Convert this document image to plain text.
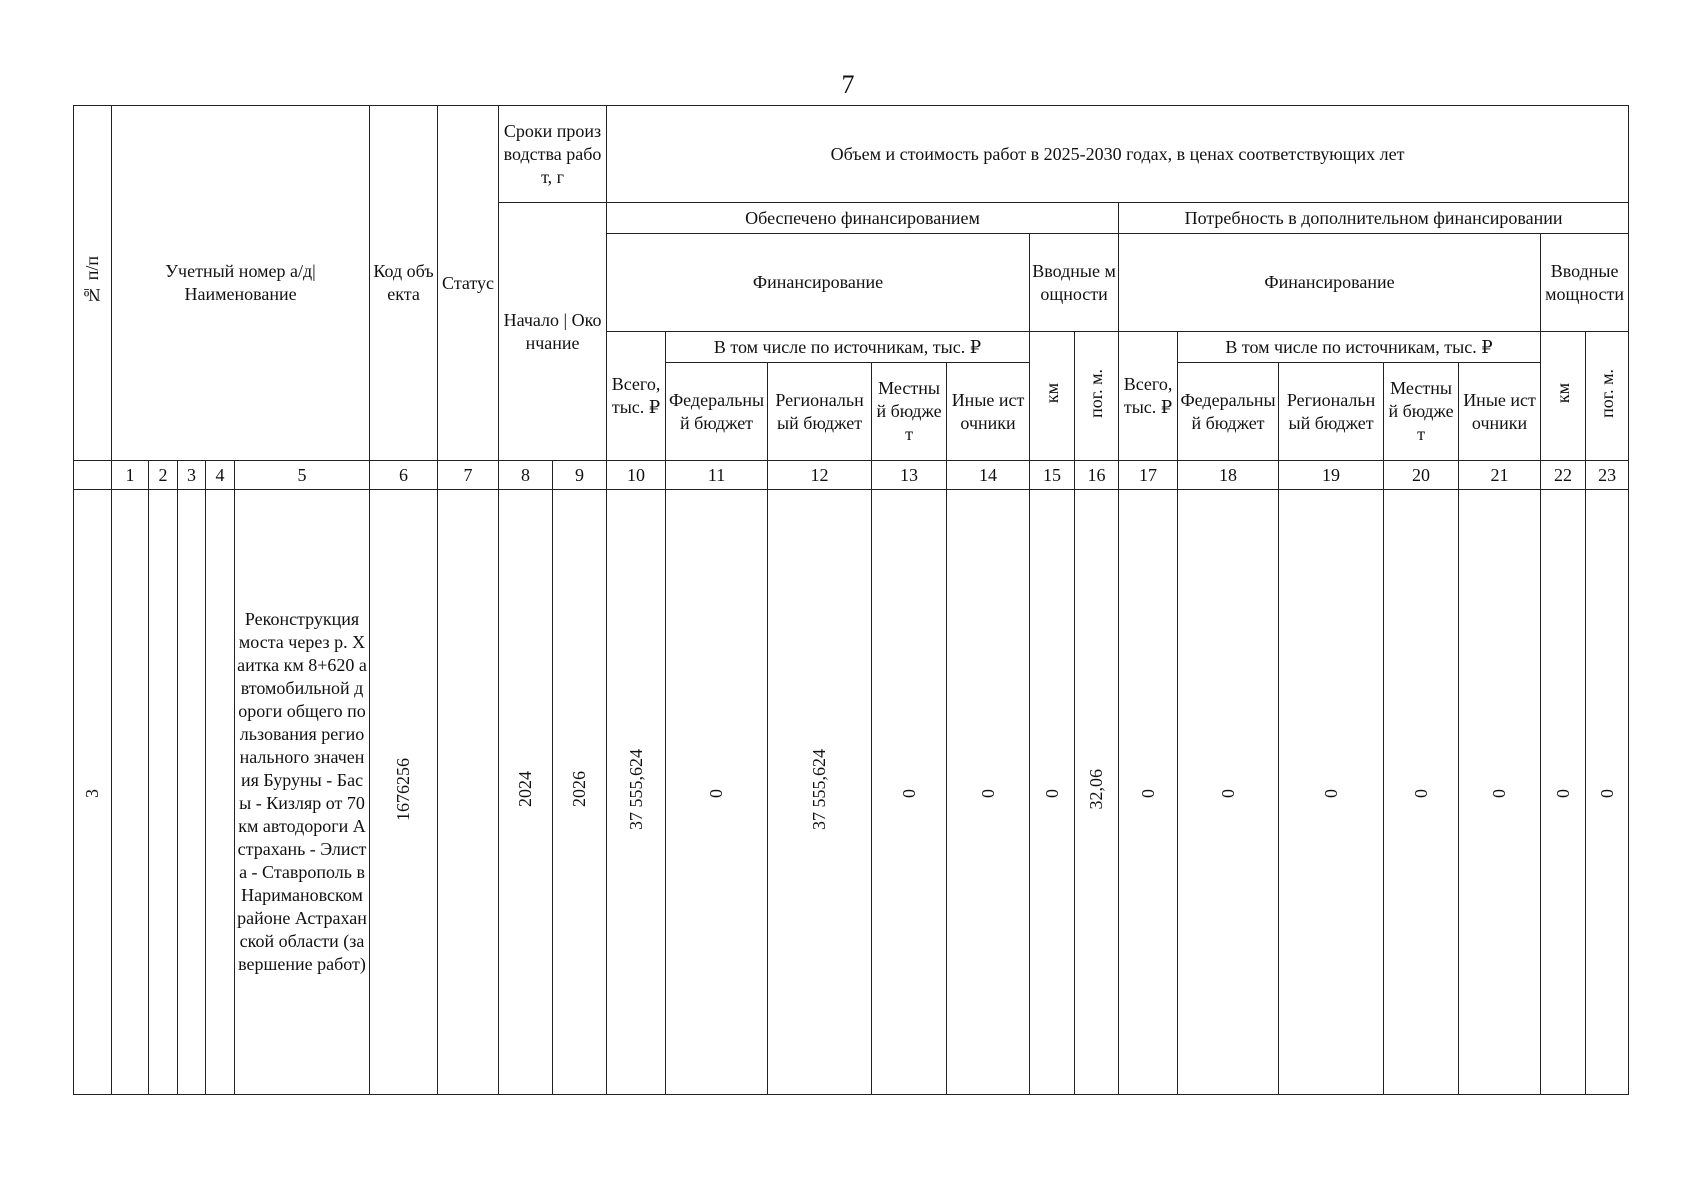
7
№ п/п	Учетный номер а/д| Наименование					Код объекта	Статус	Сроки производства работ, г		Объем и стоимость работ в 2025-2030 годах, в ценах соответствующих лет													
								Начало | Окончание		Обеспечено финансированием							Потребность в дополнительном финансировании						
										Финансирование					Вводные мощности		Финансирование					Вводные мощности	
										Всего, тыс. ₽	В том числе по источникам, тыс. ₽				км	пог. м.	Всего, тыс. ₽	В том числе по источникам, тыс. ₽				км	пог. м.
											Федеральный бюджет	Региональный бюджет	Местный бюджет	Иные источники				Федеральный бюджет	Региональный бюджет	Местный бюджет	Иные источники		
	1	2	3	4	5	6	7	8	9	10	11	12	13	14	15	16	17	18	19	20	21	22	23
3					Реконструкция моста через р. Хаитка км 8+620 автомобильной дороги общего пользования регионального значения Буруны - Басы - Кизляр от 70 км автодороги Астрахань - Элиста - Ставрополь в Наримановском районе Астраханской области (завершение работ)	1676256		2024	2026	37 555,624	0	37 555,624	0	0	0	32,06	0	0	0	0	0	0	0
